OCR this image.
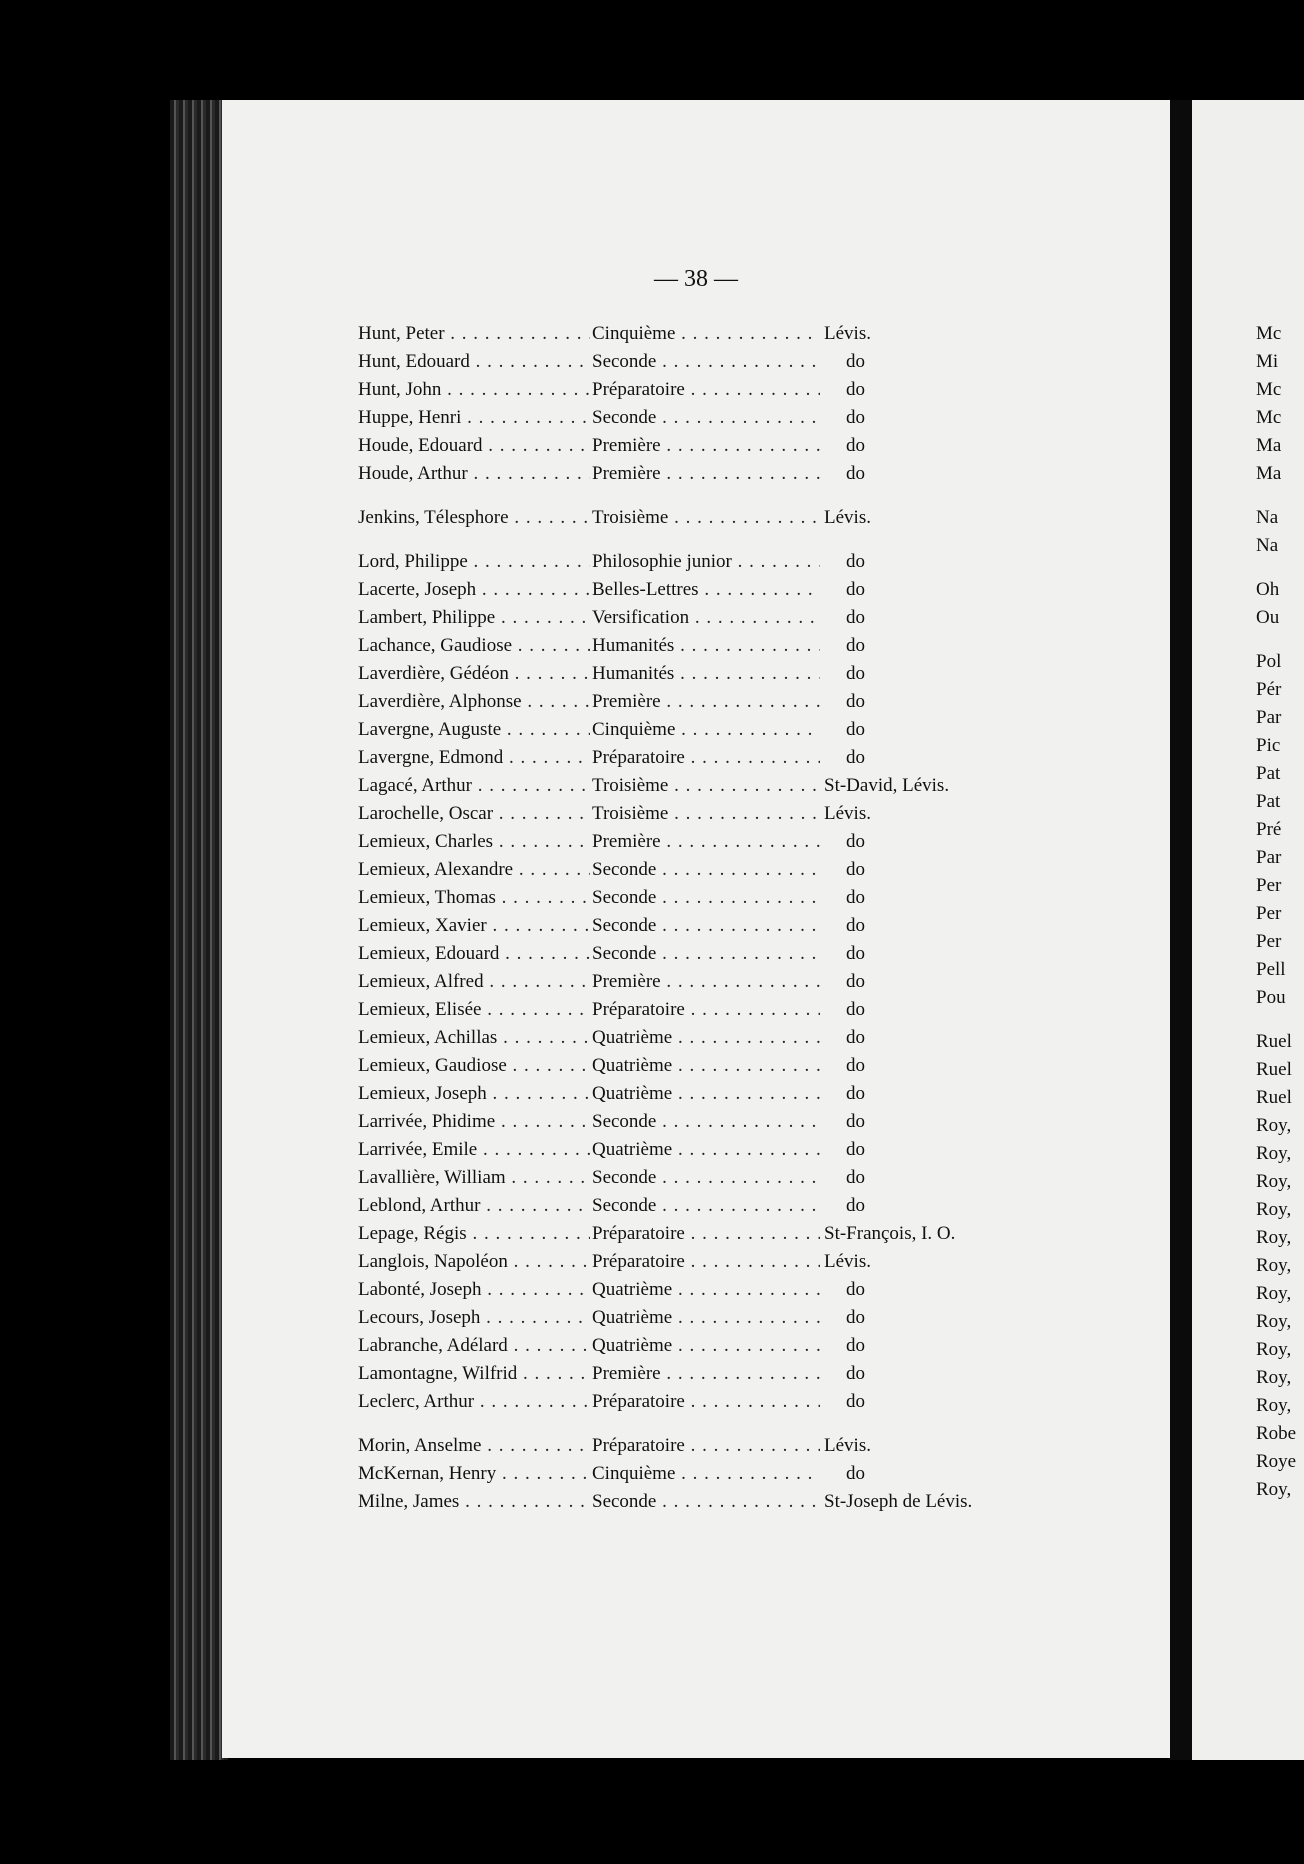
— 38 —
Hunt, Peter . . .	Cinquième . . .	Lévis.
Hunt, Edouard . . .	Seconde . . .	do
Hunt, John . . .	Préparatoire . . .	do
Huppe, Henri . . .	Seconde . . .	do
Houde, Edouard . . .	Première . . .	do
Houde, Arthur . . .	Première . . .	do
Jenkins, Télesphore . . .	Troisième . . .	Lévis.
Lord, Philippe . . .	Philosophie junior . . .	do
Lacerte, Joseph . . .	Belles-Lettres . . .	do
Lambert, Philippe . . .	Versification . . .	do
Lachance, Gaudiose . . .	Humanités . . .	do
Laverdière, Gédéon . . .	Humanités . . .	do
Laverdière, Alphonse . . .	Première . . .	do
Lavergne, Auguste . . .	Cinquième . . .	do
Lavergne, Edmond . . .	Préparatoire . . .	do
Lagacé, Arthur . . .	Troisième . . .	St-David, Lévis.
Larochelle, Oscar . . .	Troisième . . .	Lévis.
Lemieux, Charles . . .	Première . . .	do
Lemieux, Alexandre . . .	Seconde . . .	do
Lemieux, Thomas . . .	Seconde . . .	do
Lemieux, Xavier . . .	Seconde . . .	do
Lemieux, Edouard . . .	Seconde . . .	do
Lemieux, Alfred . . .	Première . . .	do
Lemieux, Elisée . . .	Préparatoire . . .	do
Lemieux, Achillas . . .	Quatrième . . .	do
Lemieux, Gaudiose . . .	Quatrième . . .	do
Lemieux, Joseph . . .	Quatrième . . .	do
Larrivée, Phidime . . .	Seconde . . .	do
Larrivée, Emile . . .	Quatrième . . .	do
Lavallière, William . . .	Seconde . . .	do
Leblond, Arthur . . .	Seconde . . .	do
Lepage, Régis . . .	Préparatoire . . .	St-François, I. O.
Langlois, Napoléon . . .	Préparatoire . . .	Lévis.
Labonté, Joseph . . .	Quatrième . . .	do
Lecours, Joseph . . .	Quatrième . . .	do
Labranche, Adélard . . .	Quatrième . . .	do
Lamontagne, Wilfrid . . .	Première . . .	do
Leclerc, Arthur . . .	Préparatoire . . .	do
Morin, Anselme . . .	Préparatoire . . .	Lévis.
McKernan, Henry . . .	Cinquième . . .	do
Milne, James . . .	Seconde . . .	St-Joseph de Lévis.
Mc
Mi
Mc
Mc
Ma
Ma
Na
Na
Oh
Ou
Pol
Pér
Par
Pic
Pat
Pat
Pré
Par
Per
Per
Per
Pell
Pou
Ruel
Ruel
Ruel
Roy,
Roy,
Roy,
Roy,
Roy,
Roy,
Roy,
Roy,
Roy,
Roy,
Roy,
Robe
Roye
Roy,
